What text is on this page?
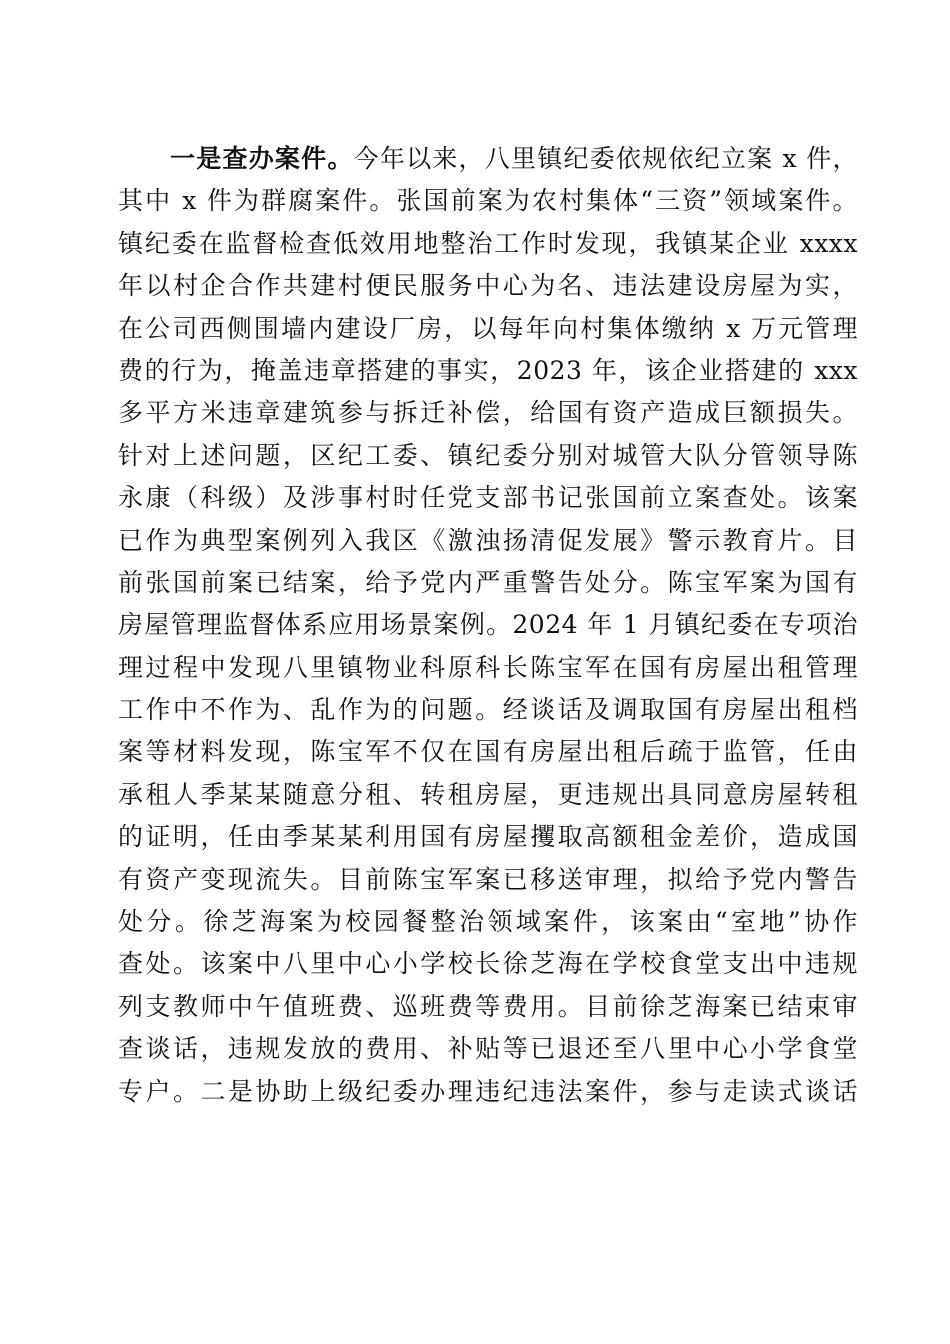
一是查办案件。今年以来，八里镇纪委依规依纪立案 x 件，
其中 x 件为群腐案件。张国前案为农村集体“三资”领域案件。
镇纪委在监督检查低效用地整治工作时发现，我镇某企业 xxxx
年以村企合作共建村便民服务中心为名、违法建设房屋为实，
在公司西侧围墙内建设厂房，以每年向村集体缴纳 x 万元管理
费的行为，掩盖违章搭建的事实，2023 年，该企业搭建的 xxx
多平方米违章建筑参与拆迁补偿，给国有资产造成巨额损失。
针对上述问题，区纪工委、镇纪委分别对城管大队分管领导陈
永康（科级）及涉事村时任党支部书记张国前立案查处。该案
已作为典型案例列入我区《激浊扬清促发展》警示教育片。目
前张国前案已结案，给予党内严重警告处分。陈宝军案为国有
房屋管理监督体系应用场景案例。2024 年 1 月镇纪委在专项治
理过程中发现八里镇物业科原科长陈宝军在国有房屋出租管理
工作中不作为、乱作为的问题。经谈话及调取国有房屋出租档
案等材料发现，陈宝军不仅在国有房屋出租后疏于监管，任由
承租人季某某随意分租、转租房屋，更违规出具同意房屋转租
的证明，任由季某某利用国有房屋攫取高额租金差价，造成国
有资产变现流失。目前陈宝军案已移送审理，拟给予党内警告
处分。徐芝海案为校园餐整治领域案件，该案由“室地”协作
查处。该案中八里中心小学校长徐芝海在学校食堂支出中违规
列支教师中午值班费、巡班费等费用。目前徐芝海案已结束审
查谈话，违规发放的费用、补贴等已退还至八里中心小学食堂
专户。二是协助上级纪委办理违纪违法案件，参与走读式谈话
